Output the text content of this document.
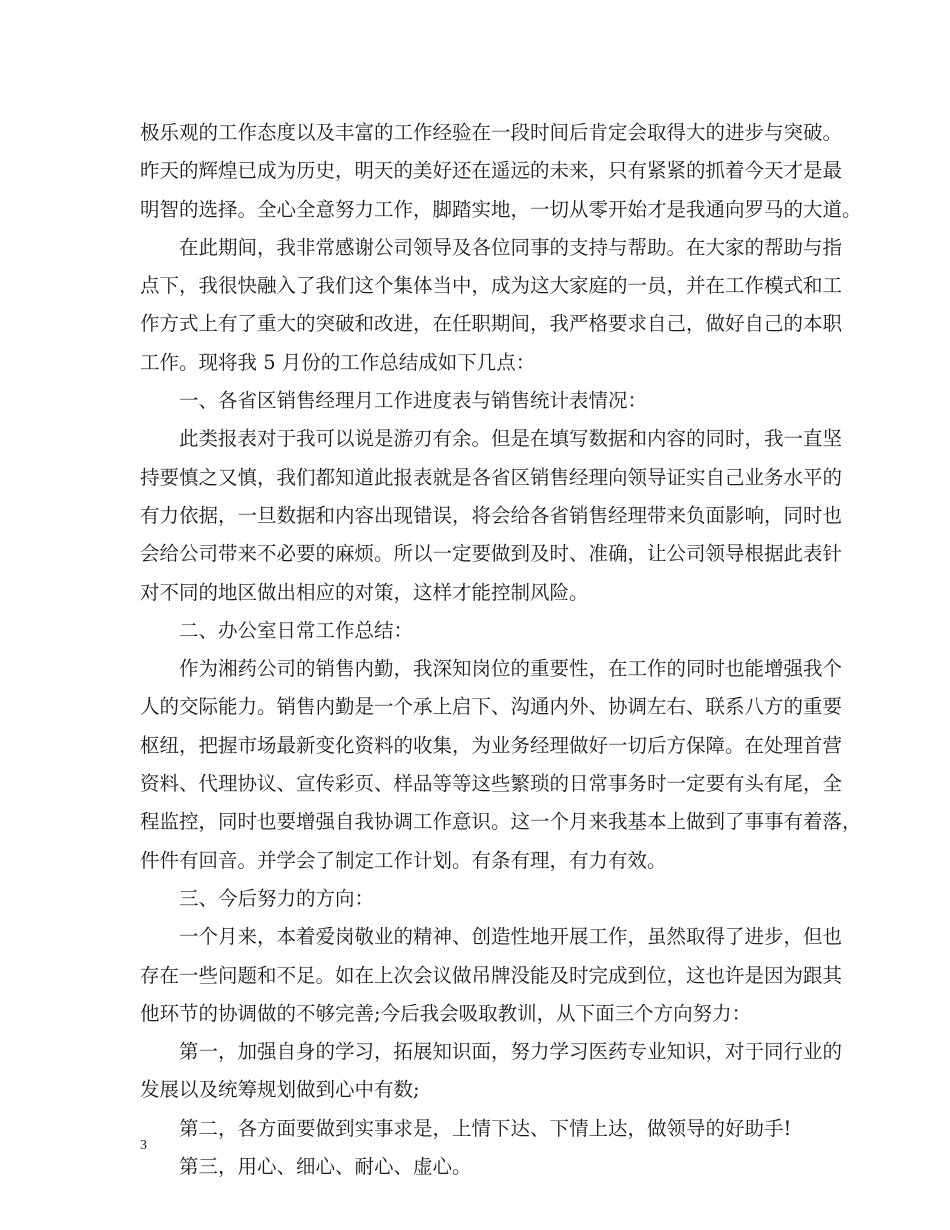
极乐观的工作态度以及丰富的工作经验在一段时间后肯定会取得大的进步与突破。
昨天的辉煌已成为历史，明天的美好还在遥远的未来，只有紧紧的抓着今天才是最
明智的选择。全心全意努力工作，脚踏实地，一切从零开始才是我通向罗马的大道。
在此期间，我非常感谢公司领导及各位同事的支持与帮助。在大家的帮助与指
点下，我很快融入了我们这个集体当中，成为这大家庭的一员，并在工作模式和工
作方式上有了重大的突破和改进，在任职期间，我严格要求自己，做好自己的本职
工作。现将我 5 月份的工作总结成如下几点：
一、各省区销售经理月工作进度表与销售统计表情况：
此类报表对于我可以说是游刃有余。但是在填写数据和内容的同时，我一直坚
持要慎之又慎，我们都知道此报表就是各省区销售经理向领导证实自己业务水平的
有力依据，一旦数据和内容出现错误，将会给各省销售经理带来负面影响，同时也
会给公司带来不必要的麻烦。所以一定要做到及时、准确，让公司领导根据此表针
对不同的地区做出相应的对策，这样才能控制风险。
二、办公室日常工作总结：
作为湘药公司的销售内勤，我深知岗位的重要性，在工作的同时也能增强我个
人的交际能力。销售内勤是一个承上启下、沟通内外、协调左右、联系八方的重要
枢纽，把握市场最新变化资料的收集，为业务经理做好一切后方保障。在处理首营
资料、代理协议、宣传彩页、样品等等这些繁琐的日常事务时一定要有头有尾，全
程监控，同时也要增强自我协调工作意识。这一个月来我基本上做到了事事有着落，
件件有回音。并学会了制定工作计划。有条有理，有力有效。
三、今后努力的方向：
一个月来，本着爱岗敬业的精神、创造性地开展工作，虽然取得了进步，但也
存在一些问题和不足。如在上次会议做吊牌没能及时完成到位，这也许是因为跟其
他环节的协调做的不够完善;今后我会吸取教训，从下面三个方向努力：
第一，加强自身的学习，拓展知识面，努力学习医药专业知识，对于同行业的
发展以及统筹规划做到心中有数;
第二，各方面要做到实事求是，上情下达、下情上达，做领导的好助手!
第三，用心、细心、耐心、虚心。
3
